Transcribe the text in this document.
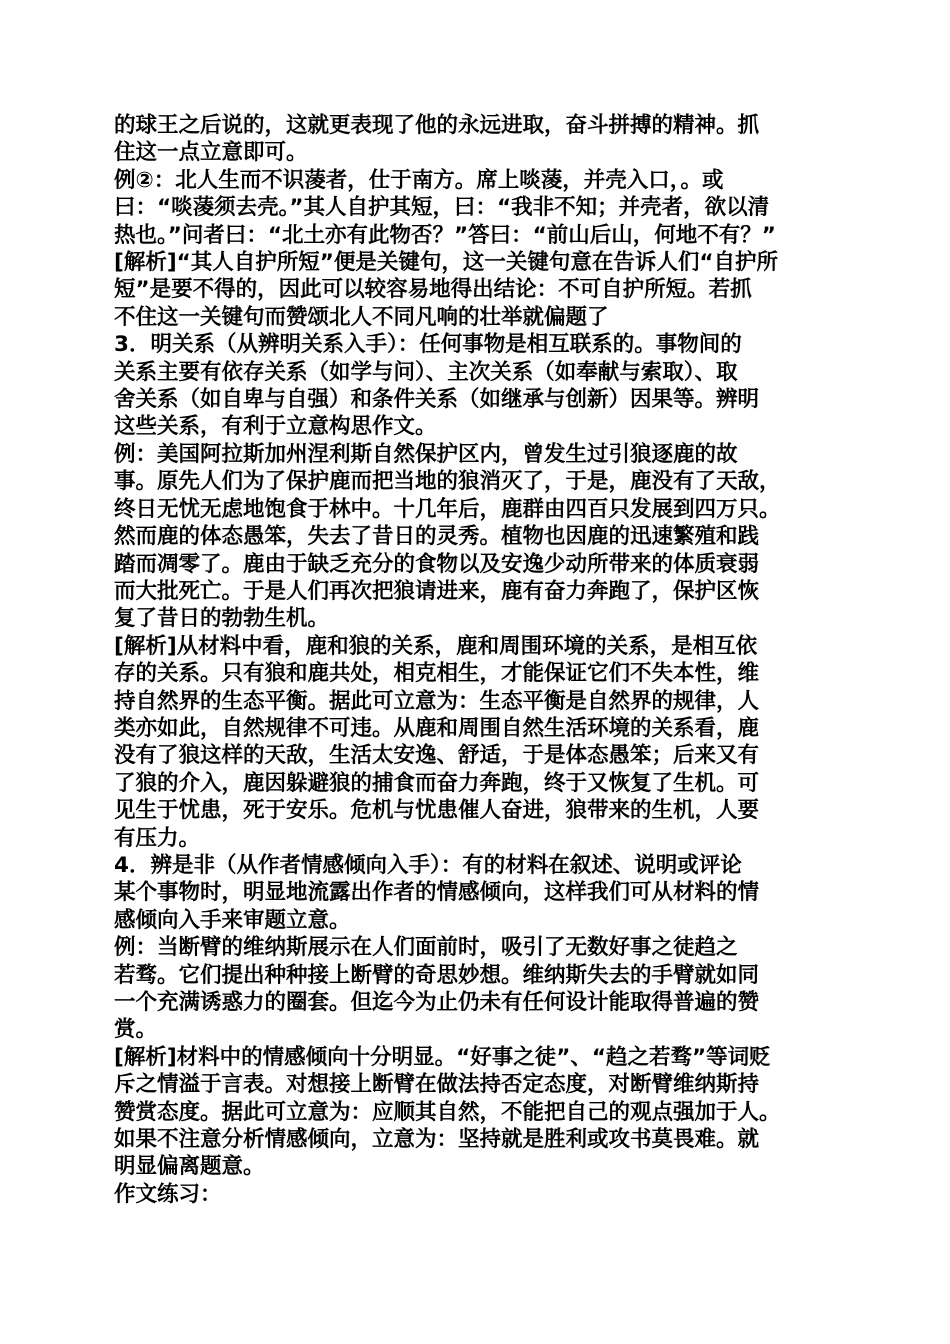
的球王之后说的，这就更表现了他的永远进取，奋斗拼搏的精神。抓
住这一点立意即可。
例②：北人生而不识蓤者，仕于南方。席上啖蓤，并壳入口，。或
曰：“啖蓤须去壳。”其人自护其短，曰：“我非不知；并壳者，欲以清
热也。”问者曰：“北土亦有此物否？”答曰：“前山后山，何地不有？”
[解析]“其人自护所短”便是关键句，这一关键句意在告诉人们“自护所
短”是要不得的，因此可以较容易地得出结论：不可自护所短。若抓
不住这一关键句而赞颂北人不同凡响的壮举就偏题了
3．明关系（从辨明关系入手）：任何事物是相互联系的。事物间的
关系主要有依存关系（如学与问）、主次关系（如奉献与索取）、取
舍关系（如自卑与自强）和条件关系（如继承与创新）因果等。辨明
这些关系，有利于立意构思作文。
例：美国阿拉斯加州涅利斯自然保护区内，曾发生过引狼逐鹿的故
事。原先人们为了保护鹿而把当地的狼消灭了，于是，鹿没有了天敌，
终日无忧无虑地饱食于林中。十几年后，鹿群由四百只发展到四万只。
然而鹿的体态愚笨，失去了昔日的灵秀。植物也因鹿的迅速繁殖和践
踏而凋零了。鹿由于缺乏充分的食物以及安逸少动所带来的体质衰弱
而大批死亡。于是人们再次把狼请进来，鹿有奋力奔跑了，保护区恢
复了昔日的勃勃生机。
[解析]从材料中看，鹿和狼的关系，鹿和周围环境的关系，是相互依
存的关系。只有狼和鹿共处，相克相生，才能保证它们不失本性，维
持自然界的生态平衡。据此可立意为：生态平衡是自然界的规律，人
类亦如此，自然规律不可违。从鹿和周围自然生活环境的关系看，鹿
没有了狼这样的天敌，生活太安逸、舒适，于是体态愚笨；后来又有
了狼的介入，鹿因躲避狼的捕食而奋力奔跑，终于又恢复了生机。可
见生于忧患，死于安乐。危机与忧患催人奋进，狼带来的生机，人要
有压力。
4．辨是非（从作者情感倾向入手）：有的材料在叙述、说明或评论
某个事物时，明显地流露出作者的情感倾向，这样我们可从材料的情
感倾向入手来审题立意。
例：当断臂的维纳斯展示在人们面前时，吸引了无数好事之徒趋之
若骛。它们提出种种接上断臂的奇思妙想。维纳斯失去的手臂就如同
一个充满诱惑力的圈套。但迄今为止仍未有任何设计能取得普遍的赞
赏。
[解析]材料中的情感倾向十分明显。“好事之徒”、“趋之若骛”等词贬
斥之情溢于言表。对想接上断臂在做法持否定态度，对断臂维纳斯持
赞赏态度。据此可立意为：应顺其自然，不能把自己的观点强加于人。
如果不注意分析情感倾向，立意为：坚持就是胜利或攻书莫畏难。就
明显偏离题意。
作文练习：
